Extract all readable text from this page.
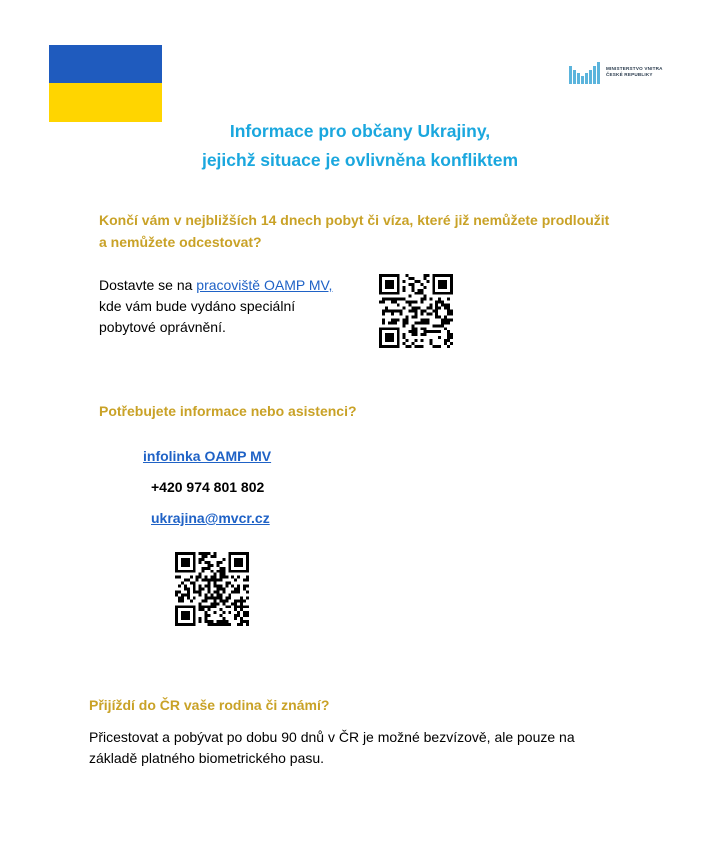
MINISTERSTVO VNITRA
ČESKÉ REPUBLIKY
Informace pro občany Ukrajiny,
jejichž situace je ovlivněna konfliktem
Končí vám v nejbližších 14 dnech pobyt či víza, které již nemůžete prodloužit
a nemůžete odcestovat?
Dostavte se na pracoviště OAMP MV,
kde vám bude vydáno speciální
pobytové oprávnění.
Potřebujete informace nebo asistenci?
infolinka OAMP MV
+420 974 801 802
ukrajina@mvcr.cz
Přijíždí do ČR vaše rodina či známí?
Přicestovat a pobývat po dobu 90 dnů v ČR je možné bezvízově, ale pouze na
základě platného biometrického pasu.
